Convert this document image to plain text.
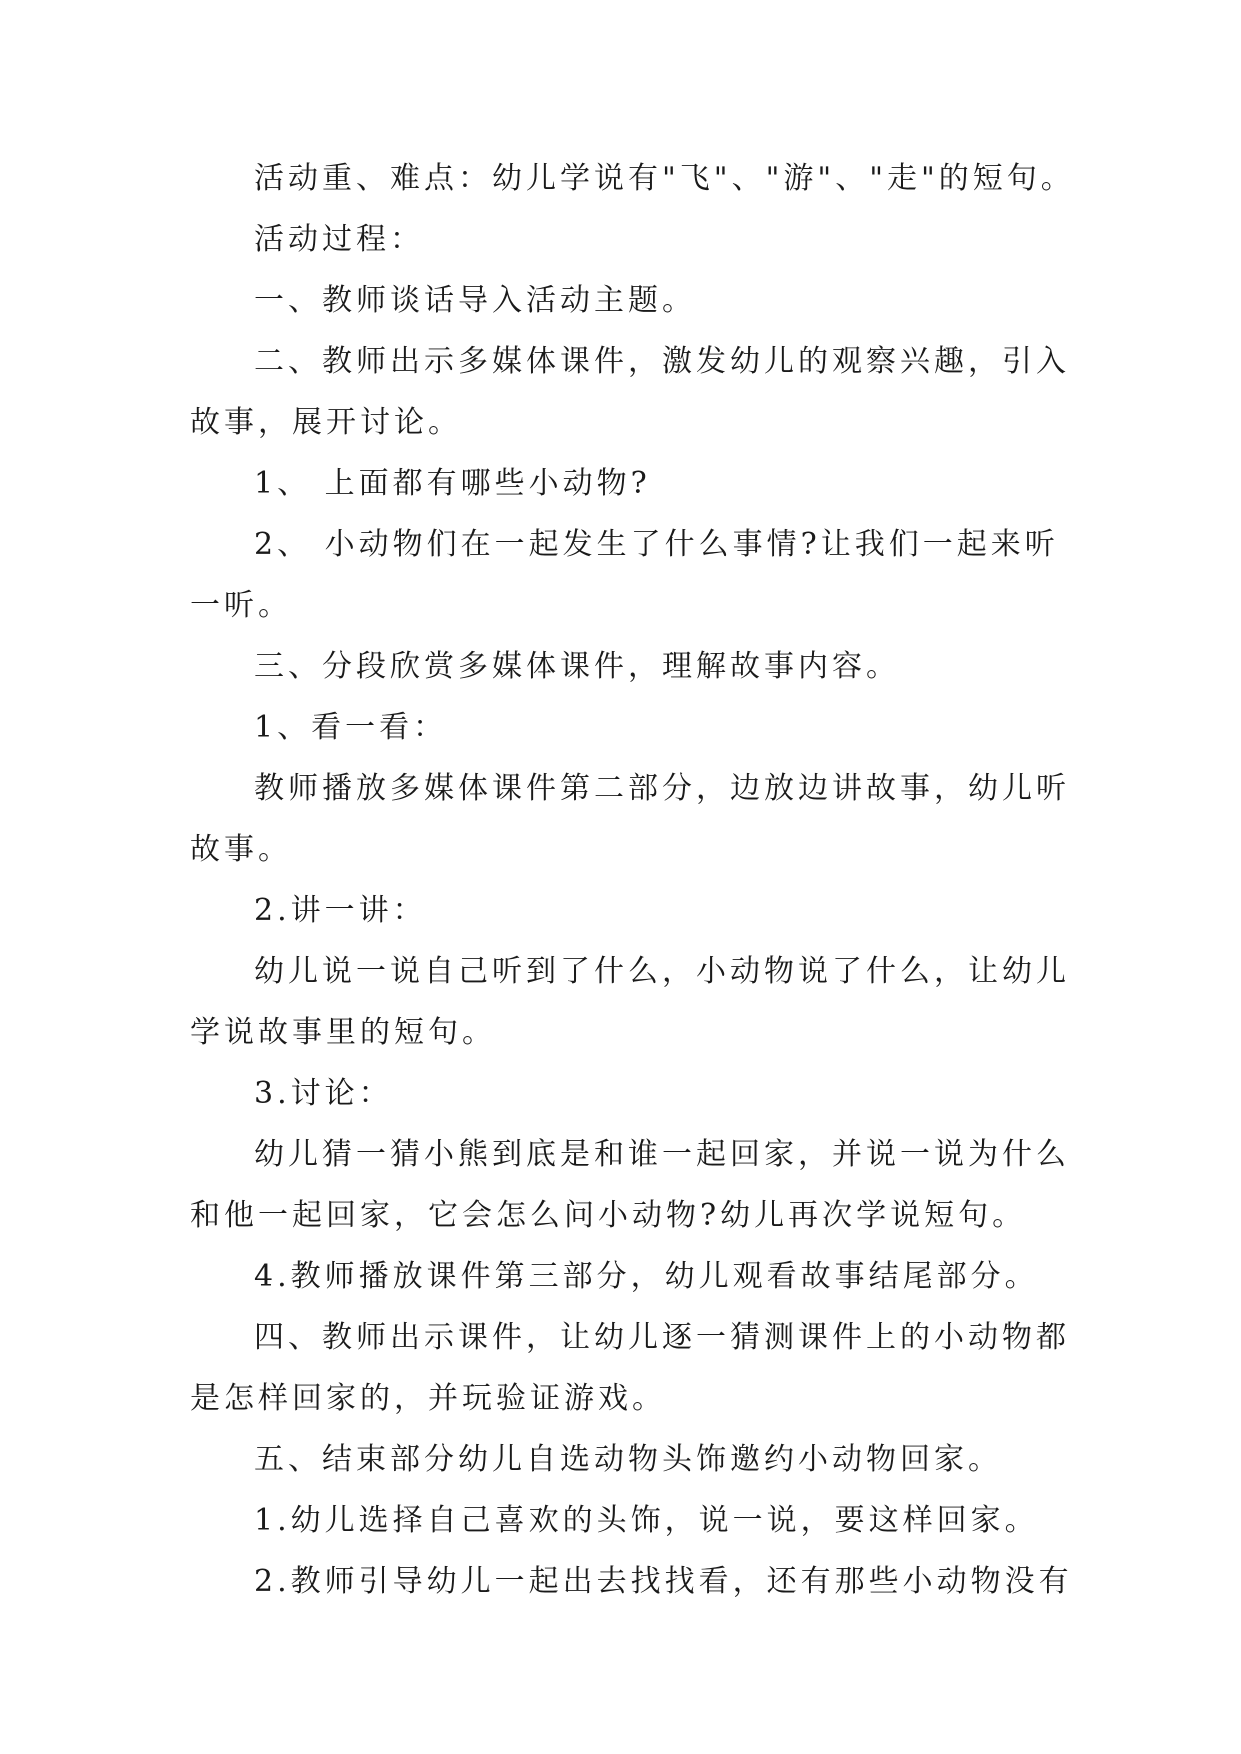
活动重、难点：幼儿学说有"飞"、"游"、"走"的短句。

活动过程：

一、教师谈话导入活动主题。

二、教师出示多媒体课件，激发幼儿的观察兴趣，引入

故事，展开讨论。

1、 上面都有哪些小动物?

2、 小动物们在一起发生了什么事情?让我们一起来听

一听。

三、分段欣赏多媒体课件，理解故事内容。

1、看一看：

教师播放多媒体课件第二部分，边放边讲故事，幼儿听

故事。

2.讲一讲：

幼儿说一说自己听到了什么，小动物说了什么，让幼儿

学说故事里的短句。

3.讨论：

幼儿猜一猜小熊到底是和谁一起回家，并说一说为什么

和他一起回家，它会怎么问小动物?幼儿再次学说短句。

4.教师播放课件第三部分，幼儿观看故事结尾部分。

四、教师出示课件，让幼儿逐一猜测课件上的小动物都

是怎样回家的，并玩验证游戏。

五、结束部分幼儿自选动物头饰邀约小动物回家。

1.幼儿选择自己喜欢的头饰，说一说，要这样回家。

2.教师引导幼儿一起出去找找看，还有那些小动物没有
